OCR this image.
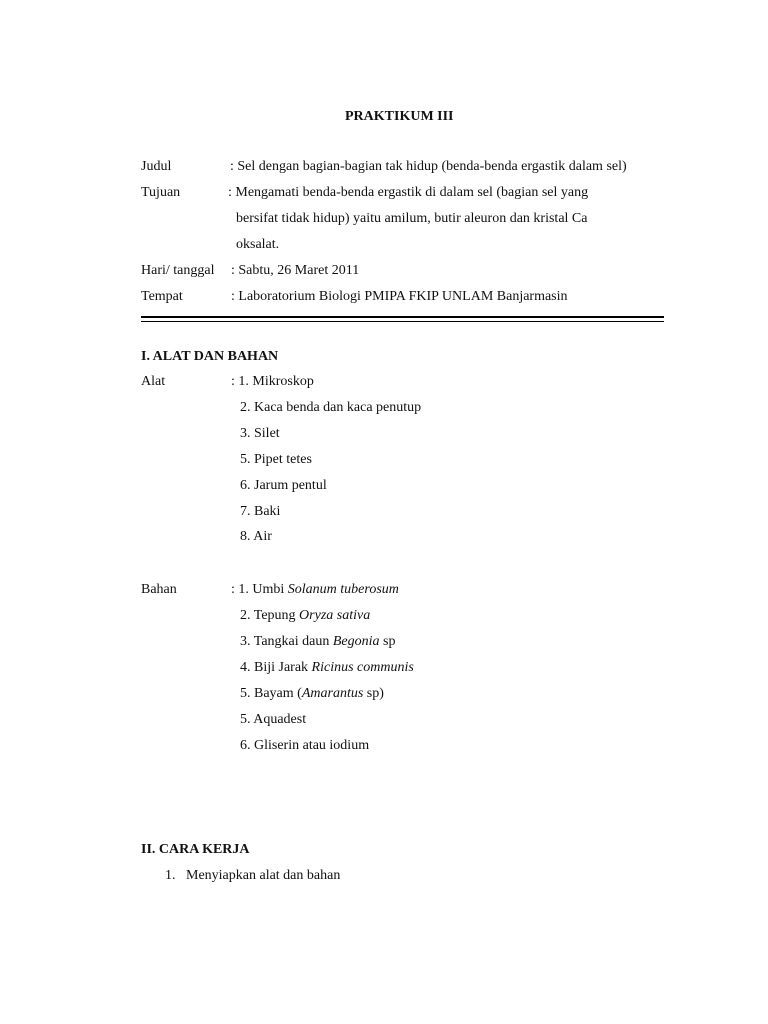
PRAKTIKUM III
Judul	: Sel dengan bagian-bagian tak hidup (benda-benda ergastik dalam sel)
Tujuan	: Mengamati benda-benda ergastik di dalam sel (bagian sel yang
bersifat tidak hidup) yaitu amilum, butir aleuron dan kristal Ca
oksalat.
Hari/ tanggal : Sabtu, 26 Maret 2011
Tempat	: Laboratorium Biologi PMIPA FKIP UNLAM Banjarmasin
I. ALAT DAN BAHAN
Alat	: 1. Mikroskop
2. Kaca benda dan kaca penutup
3. Silet
5. Pipet tetes
6. Jarum pentul
7. Baki
8. Air
Bahan	: 1. Umbi Solanum tuberosum
2. Tepung Oryza sativa
3. Tangkai daun Begonia sp
4. Biji Jarak Ricinus communis
5. Bayam (Amarantus sp)
5. Aquadest
6. Gliserin atau iodium
II. CARA KERJA
1.   Menyiapkan alat dan bahan
